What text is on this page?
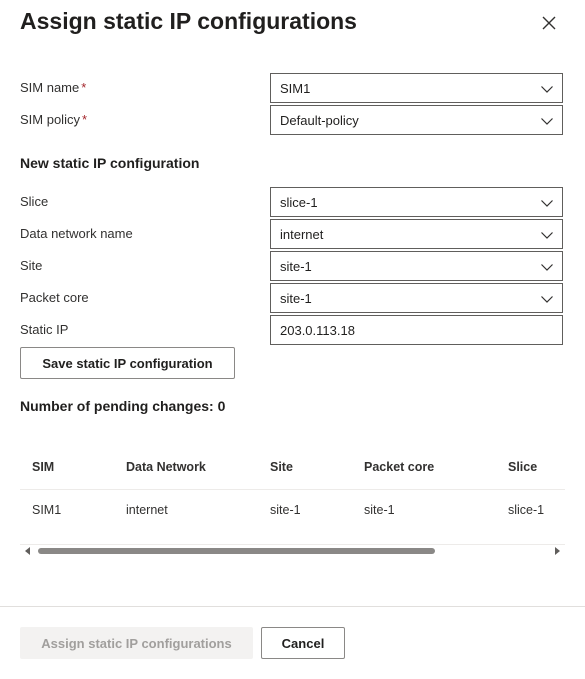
Assign static IP configurations
SIM name *	SIM1
SIM policy *	Default-policy
New static IP configuration
Slice	slice-1
Data network name	internet
Site	site-1
Packet core	site-1
Static IP	203.0.113.18
Save static IP configuration
Number of pending changes: 0
SIM	Data Network	Site	Packet core	Slice
SIM1	internet	site-1	site-1	slice-1
Assign static IP configurations	Cancel
